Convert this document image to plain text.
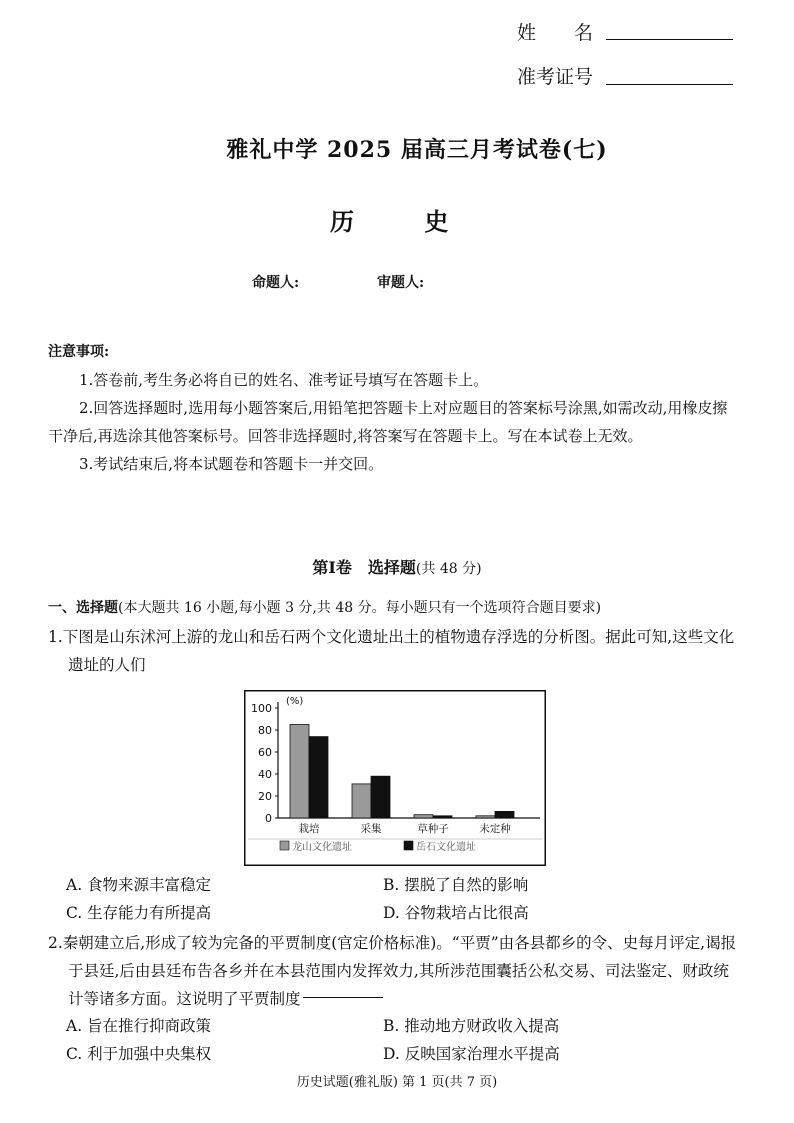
姓　　名
准考证号
雅礼中学 2025 届高三月考试卷(七)
历	史
命题人:	审题人:
注意事项:
1.答卷前,考生务必将自已的姓名、准考证号填写在答题卡上。
2.回答选择题时,选用每小题答案后,用铅笔把答题卡上对应题目的答案标号涂黑,如需改动,用橡皮擦干净后,再选涂其他答案标号。回答非选择题时,将答案写在答题卡上。写在本试卷上无效。
3.考试结束后,将本试题卷和答题卡一并交回。
第Ⅰ卷　选择题(共 48 分)
一、选择题(本大题共 16 小题,每小题 3 分,共 48 分。每小题只有一个选项符合题目要求)
1.下图是山东沭河上游的龙山和岳石两个文化遗址出土的植物遗存浮选的分析图。据此可知,这些文化遗址的人们
100
80
60
40
20
0
(%)
栽培	采集	草种子	未定种
龙山文化遗址	岳石文化遗址
A. 食物来源丰富稳定	B. 摆脱了自然的影响
C. 生存能力有所提高	D. 谷物栽培占比很高
2.秦朝建立后,形成了较为完备的平贾制度(官定价格标准)。“平贾”由各县都乡的令、史每月评定,谒报于县廷,后由县廷布告各乡并在本县范围内发挥效力,其所涉范围囊括公私交易、司法鉴定、财政统计等诸多方面。这说明了平贾制度
A. 旨在推行抑商政策	B. 推动地方财政收入提高
C. 利于加强中央集权	D. 反映国家治理水平提高
历史试题(雅礼版) 第 1 页(共 7 页)
